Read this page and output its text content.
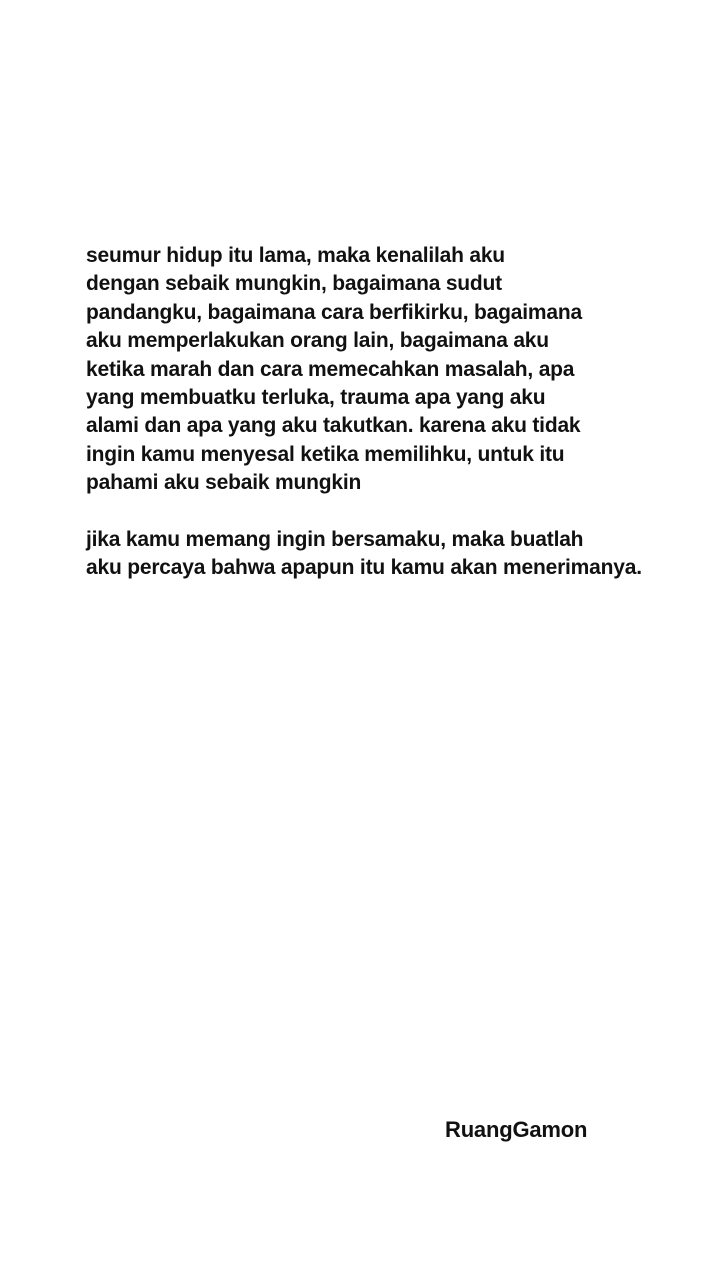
seumur hidup itu lama, maka kenalilah aku
dengan sebaik mungkin, bagaimana sudut
pandangku, bagaimana cara berfikirku, bagaimana
aku memperlakukan orang lain, bagaimana aku
ketika marah dan cara memecahkan masalah, apa
yang membuatku terluka, trauma apa yang aku
alami dan apa yang aku takutkan. karena aku tidak
ingin kamu menyesal ketika memilihku, untuk itu
pahami aku sebaik mungkin

jika kamu memang ingin bersamaku, maka buatlah
aku percaya bahwa apapun itu kamu akan menerimanya.

RuangGamon
